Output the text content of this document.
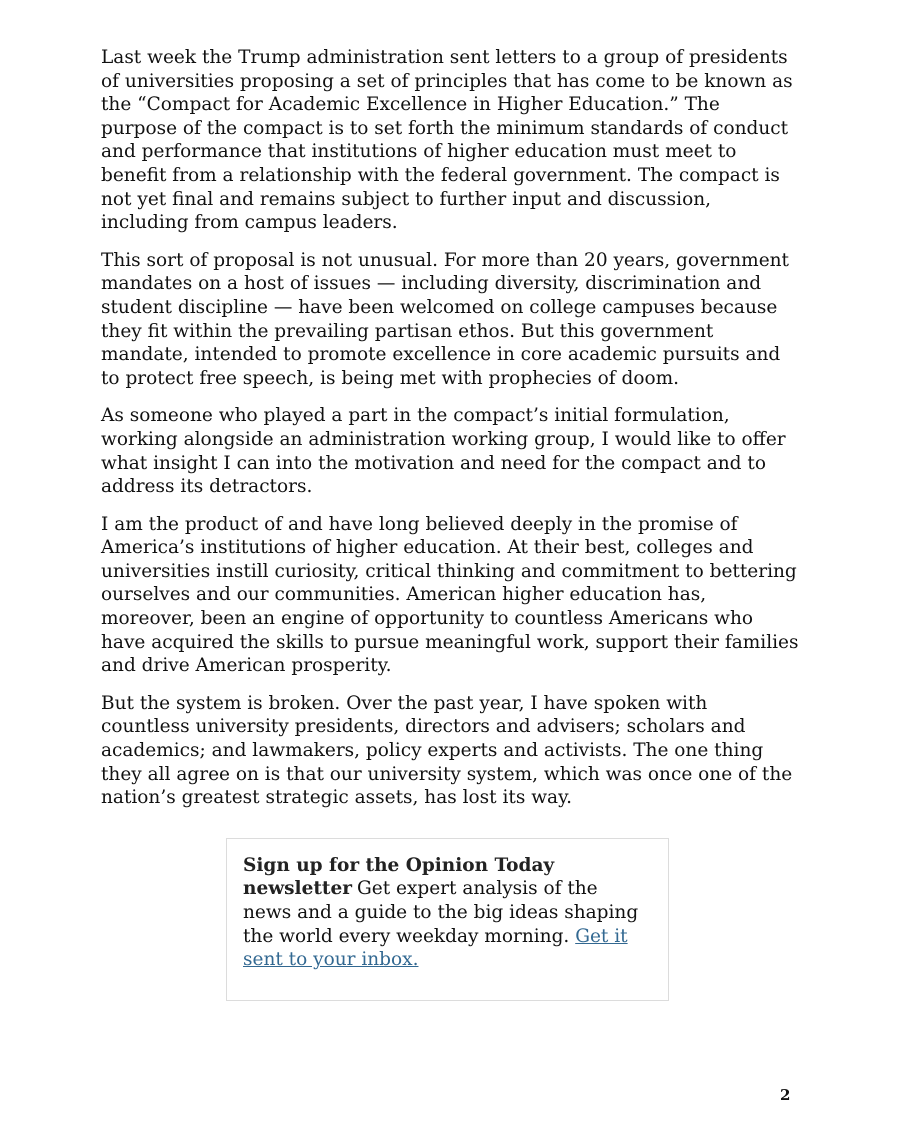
Last week the Trump administration sent letters to a group of presidents of universities proposing a set of principles that has come to be known as the “Compact for Academic Excellence in Higher Education.” The purpose of the compact is to set forth the minimum standards of conduct and performance that institutions of higher education must meet to benefit from a relationship with the federal government. The compact is not yet final and remains subject to further input and discussion, including from campus leaders.

This sort of proposal is not unusual. For more than 20 years, government mandates on a host of issues — including diversity, discrimination and student discipline — have been welcomed on college campuses because they fit within the prevailing partisan ethos. But this government mandate, intended to promote excellence in core academic pursuits and to protect free speech, is being met with prophecies of doom.

As someone who played a part in the compact’s initial formulation, working alongside an administration working group, I would like to offer what insight I can into the motivation and need for the compact and to address its detractors.

I am the product of and have long believed deeply in the promise of America’s institutions of higher education. At their best, colleges and universities instill curiosity, critical thinking and commitment to bettering ourselves and our communities. American higher education has, moreover, been an engine of opportunity to countless Americans who have acquired the skills to pursue meaningful work, support their families and drive American prosperity.

But the system is broken. Over the past year, I have spoken with countless university presidents, directors and advisers; scholars and academics; and lawmakers, policy experts and activists. The one thing they all agree on is that our university system, which was once one of the nation’s greatest strategic assets, has lost its way.

Sign up for the Opinion Today newsletter Get expert analysis of the news and a guide to the big ideas shaping the world every weekday morning. Get it sent to your inbox.

2
